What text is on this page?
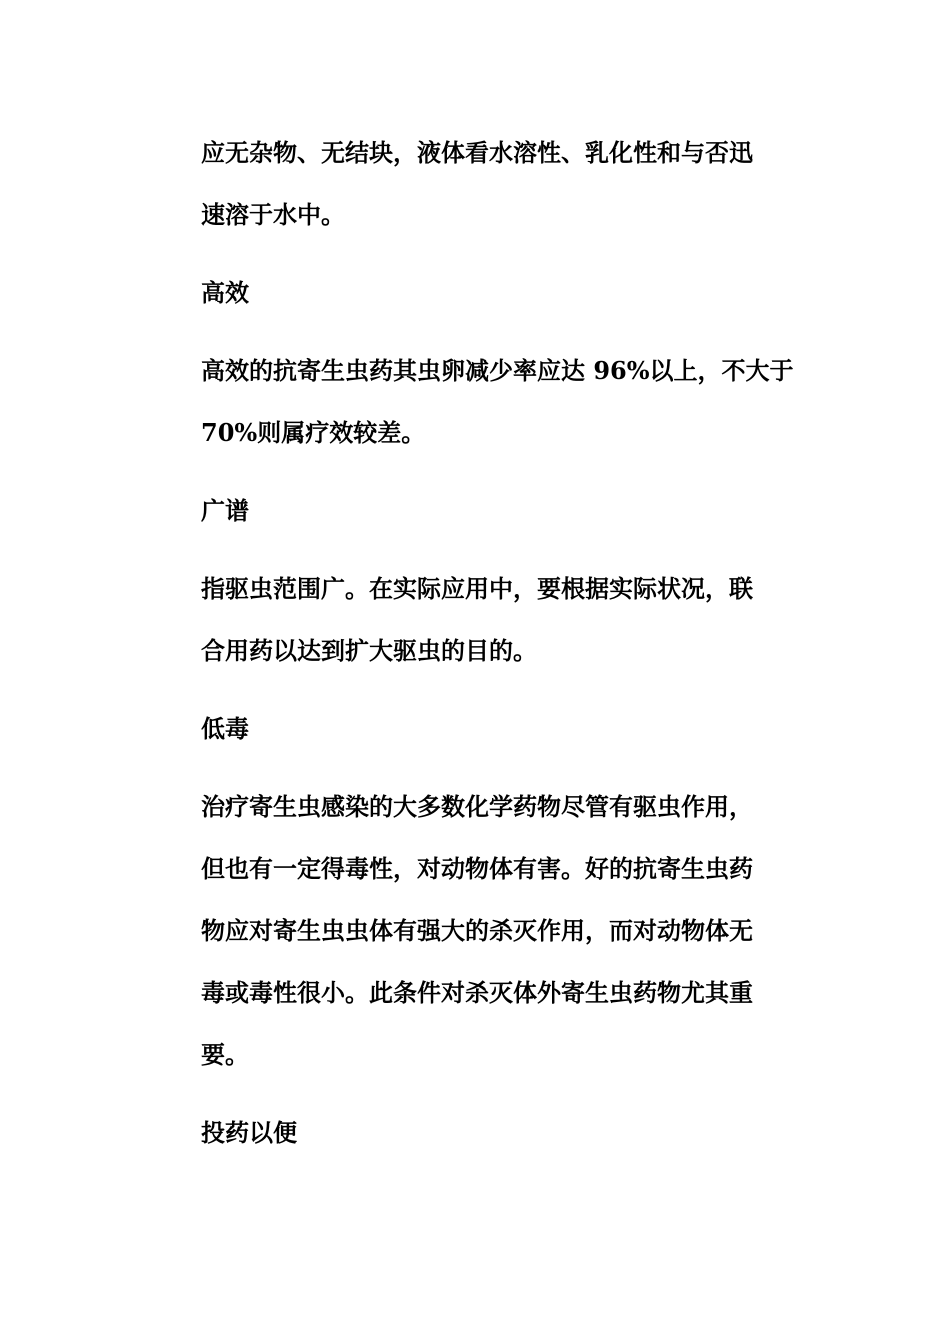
应无杂物、无结块，液体看水溶性、乳化性和与否迅

速溶于水中。

高效

高效的抗寄生虫药其虫卵减少率应达 96%以上，不大于

70%则属疗效较差。

广谱

指驱虫范围广。在实际应用中，要根据实际状况，联

合用药以达到扩大驱虫的目的。

低毒

治疗寄生虫感染的大多数化学药物尽管有驱虫作用，

但也有一定得毒性，对动物体有害。好的抗寄生虫药

物应对寄生虫虫体有强大的杀灭作用，而对动物体无

毒或毒性很小。此条件对杀灭体外寄生虫药物尤其重

要。

投药以便
